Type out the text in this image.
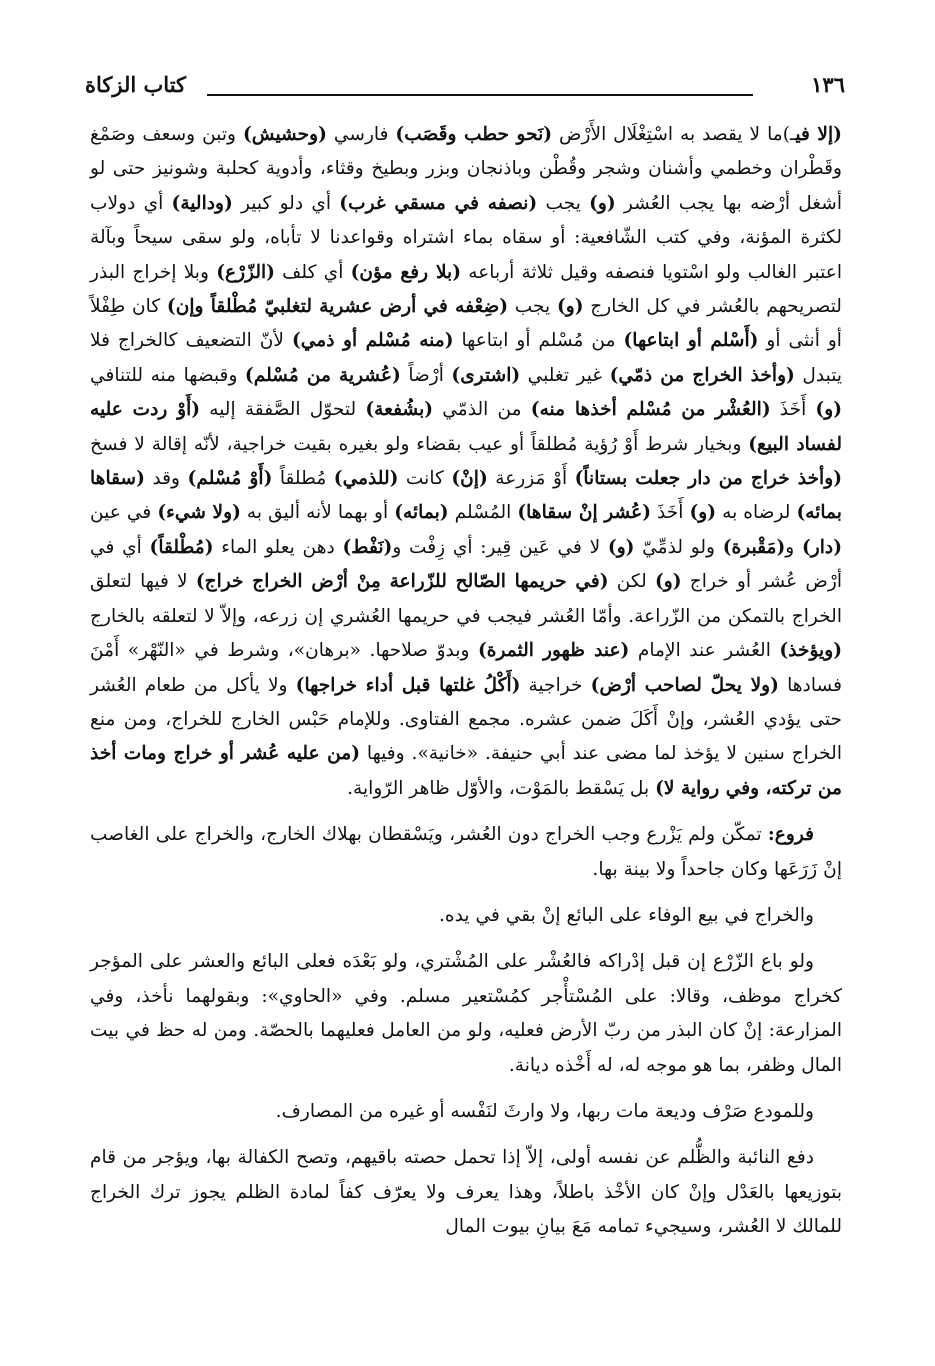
كتاب الزكاة	١٣٦

(إلا فيـ)ما لا يقصد به اسْتِغْلَال الأَرْض (نَحو حطب وقَصَب) فارسي (وحشيش) وتبن وسعف وصَمْغ وقَطْران وخطمي وأشنان وشجر وقُطْن وباذنجان وبزر وبطيخ وقثاء، وأدوية كحلبة وشونيز حتى لو أشغل أرْضه بها يجب العُشر (و) يجب (نصفه في مسقي غرب) أي دلو كبير (ودالية) أي دولاب لكثرة المؤنة، وفي كتب الشّافعية: أو سقاه بماء اشتراه وقواعدنا لا تأباه، ولو سقى سيحاً وبآلة اعتبر الغالب ولو اسْتويا فنصفه وقيل ثلاثة أرباعه (بلا رفع مؤن) أي كلف (الزّرْع) وبلا إخراج البذر لتصريحهم بالعُشر في كل الخارج (و) يجب (ضِعْفه في أرض عشرية لتغلبيّ مُطْلقاً وإن) كان طِفْلاً أو أنثى أو (أَسْلم أو ابتاعها) من مُسْلم أو ابتاعها (منه مُسْلم أو ذمي) لأنّ التضعيف كالخراج فلا يتبدل (وأخذ الخراج من ذمّي) غير تغلبي (اشترى) أرْضاً (عُشرية من مُسْلم) وقبضها منه للتنافي (و) أَخَذَ (العُشْر من مُسْلم أخذها منه) من الذمّي (بشُفعة) لتحوّل الصَّفقة إليه (أَوْ ردت عليه لفساد البيع) وبخيار شرط أَوْ رُؤية مُطلقاً أو عيب بقضاء ولو بغيره بقيت خراجية، لأنّه إقالة لا فسخ (وأخذ خراج من دار جعلت بستاناً) أَوْ مَزرعة (إنْ) كانت (للذمي) مُطلقاً (أَوْ مُسْلم) وقد (سقاها بمائه) لرضاه به (و) أَخَذَ (عُشر إنْ سقاها) المُسْلم (بمائه) أو بهما لأنه أليق به (ولا شيء) في عين (دار) و(مَقْبرة) ولو لذمِّيّ (و) لا في عَين قِير: أي زِفْت و(نَفْط) دهن يعلو الماء (مُطْلقاً) أي في أرْض عُشر أو خراج (و) لكن (في حريمها الصّالح للزّراعة مِنْ أرْض الخراج خراج) لا فيها لتعلق الخراج بالتمكن من الزّراعة. وأمّا العُشر فيجب في حريمها العُشري إن زرعه، وإلاّ لا لتعلقه بالخارج (ويؤخذ) العُشر عند الإمام (عند ظهور الثمرة) وبدوّ صلاحها. «برهان»، وشرط في «النّهْر» أَمْنَ فسادها (ولا يحلّ لصاحب أرْض) خراجية (أَكْلُ غلتها قبل أداء خراجها) ولا يأكل من طعام العُشر حتى يؤدي العُشر، وإنْ أَكَلَ ضمن عشره. مجمع الفتاوى. وللإمام حَبْس الخارج للخراج، ومن منع الخراج سنين لا يؤخذ لما مضى عند أبي حنيفة. «خانية». وفيها (من عليه عُشر أو خراج ومات أخذ من تركته، وفي رواية لا) بل يَسْقط بالمَوْت، والأوّل ظاهر الرّواية.

فروع: تمكّن ولم يَزْرع وجب الخراج دون العُشر، ويَسْقطان بهلاك الخارج، والخراج على الغاصب إنْ زَرَعَها وكان جاحداً ولا بينة بها.

والخراج في بيع الوفاء على البائع إنْ بقي في يده.

ولو باع الزّرْع إن قبل إدْراكه فالعُشْر على المُشْتري، ولو بَعْدَه فعلى البائع والعشر على المؤجر كخراج موظف، وقالا: على المُسْتأْجر كمُسْتعير مسلم. وفي «الحاوي»: وبقولهما نأخذ، وفي المزارعة: إنْ كان البذر من ربّ الأرض فعليه، ولو من العامل فعليهما بالحصّة. ومن له حظ في بيت المال وظفر، بما هو موجه له، له أَخْذه ديانة.

وللمودع صَرْف وديعة مات ربها، ولا وارثَ لنَفْسه أو غيره من المصارف.

دفع النائبة والظُّلم عن نفسه أولى، إلاّ إذا تحمل حصته باقيهم، وتصح الكفالة بها، ويؤجر من قام بتوزيعها بالعَدْل وإنْ كان الأخْذ باطلاً، وهذا يعرف ولا يعرّف كفاً لمادة الظلم يجوز ترك الخراج للمالك لا العُشر، وسيجيء تمامه مَعَ بيانِ بيوت المال
